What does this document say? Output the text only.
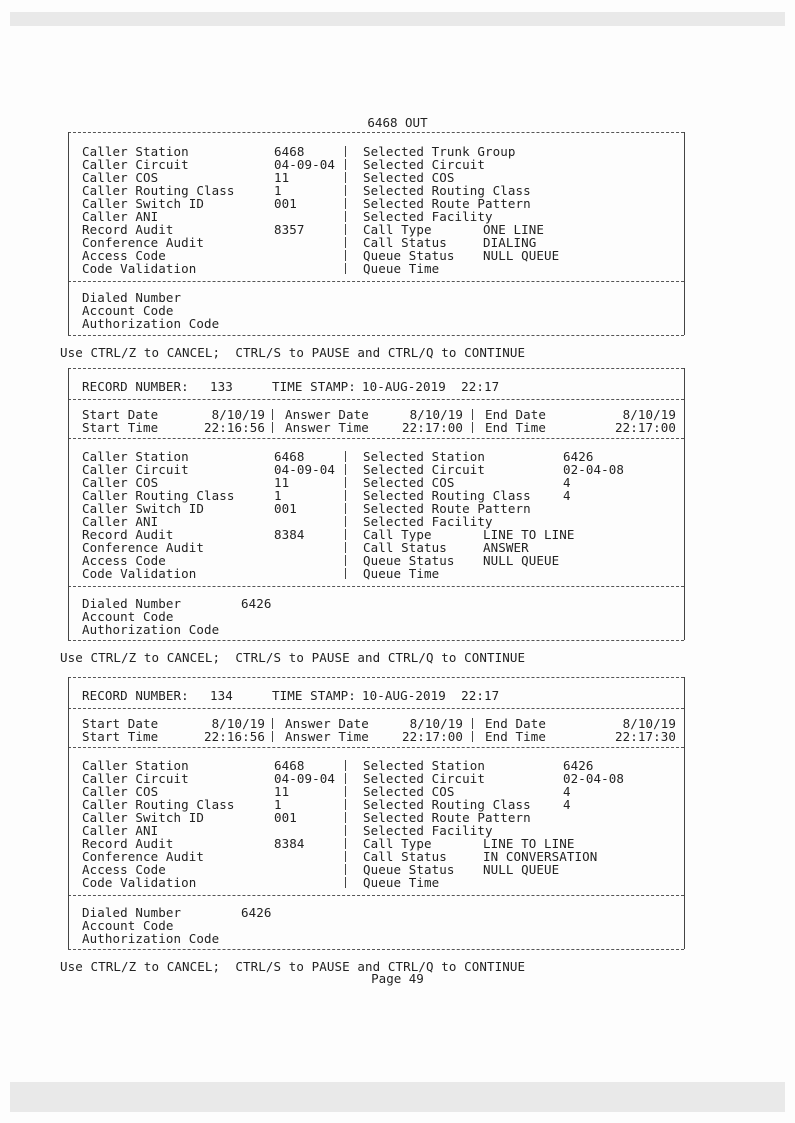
6468 OUT
Caller Station	6468	Selected Trunk Group
Caller Circuit	04-09-04 Selected Circuit
Caller COS	11	Selected COS
Caller Routing Class	1	Selected Routing Class
Caller Switch ID	001	Selected Route Pattern
Caller ANI	Selected Facility
Record Audit	8357	Call Type	ONE LINE
Conference Audit	Call Status	DIALING
Access Code	Queue Status NULL QUEUE
Code Validation	Queue Time
Dialed Number
Account Code
Authorization Code
Use CTRL/Z to CANCEL;  CTRL/S to PAUSE and CTRL/Q to CONTINUE
RECORD NUMBER: 133	TIME STAMP: 10-AUG-2019  22:17
Start Date	8/10/19 Answer Date	8/10/19 End Date	8/10/19
Start Time	22:16:56 Answer Time	22:17:00 End Time	22:17:00
Caller Station	6468	Selected Station	6426
Caller Circuit	04-09-04 Selected Circuit	02-04-08
Caller COS	11	Selected COS	4
Caller Routing Class	1	Selected Routing Class	4
Caller Switch ID	001	Selected Route Pattern
Caller ANI	Selected Facility
Record Audit	8384	Call Type	LINE TO LINE
Conference Audit	Call Status	ANSWER
Access Code	Queue Status NULL QUEUE
Code Validation	Queue Time
Dialed Number	6426
Account Code
Authorization Code
Use CTRL/Z to CANCEL;  CTRL/S to PAUSE and CTRL/Q to CONTINUE
RECORD NUMBER: 134	TIME STAMP: 10-AUG-2019  22:17
Start Date	8/10/19 Answer Date	8/10/19 End Date	8/10/19
Start Time	22:16:56 Answer Time	22:17:00 End Time	22:17:30
Caller Station	6468	Selected Station	6426
Caller Circuit	04-09-04 Selected Circuit	02-04-08
Caller COS	11	Selected COS	4
Caller Routing Class	1	Selected Routing Class	4
Caller Switch ID	001	Selected Route Pattern
Caller ANI	Selected Facility
Record Audit	8384	Call Type	LINE TO LINE
Conference Audit	Call Status	IN CONVERSATION
Access Code	Queue Status NULL QUEUE
Code Validation	Queue Time
Dialed Number	6426
Account Code
Authorization Code
Use CTRL/Z to CANCEL;  CTRL/S to PAUSE and CTRL/Q to CONTINUE
Page 49
